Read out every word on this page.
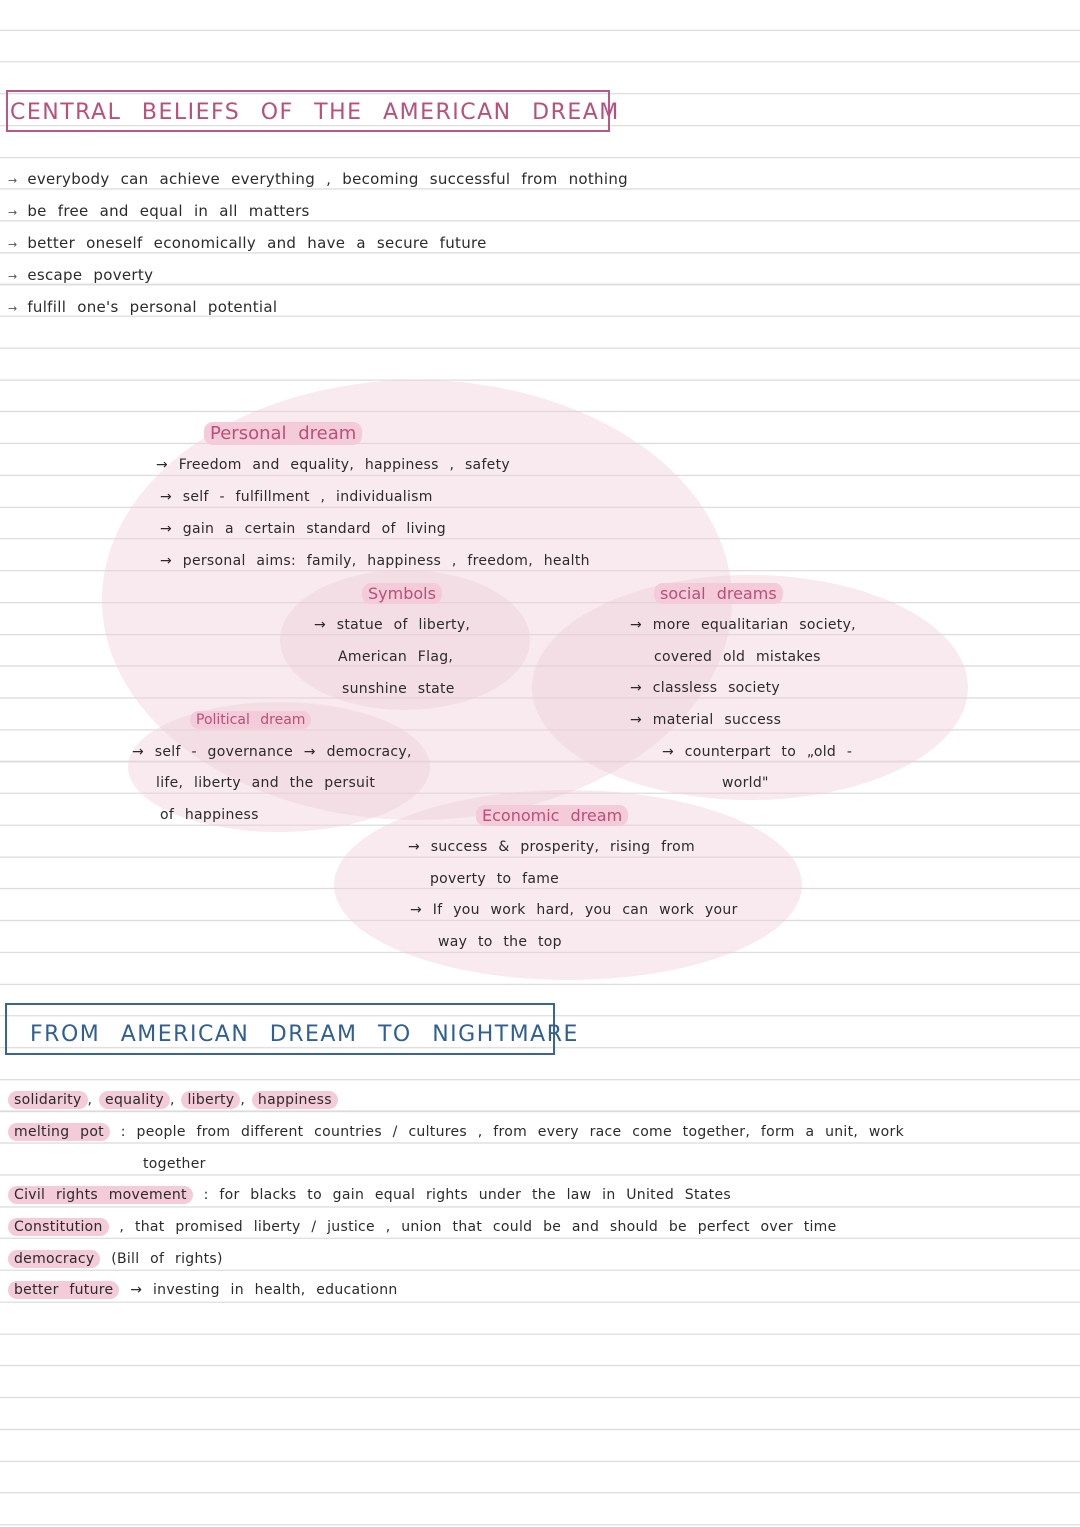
CENTRAL BELIEFS OF THE AMERICAN DREAM
→ everybody can achieve everything , becoming successful from nothing
→ be free and equal in all matters
→ better oneself economically and have a secure future
→ escape poverty
→ fulfill one's personal potential
Personal dream
→ Freedom and equality, happiness , safety
→ self - fulfillment , individualism
→ gain a certain standard of living
→ personal aims: family, happiness , freedom, health
Symbols
→ statue of liberty,
American Flag,
sunshine state
social dreams
→ more equalitarian society,
covered old mistakes
→ classless society
→ material success
→ counterpart to „old -
world"
Political dream
→ self - governance → democracy,
life, liberty and the persuit
of happiness	Economic dream
→ success & prosperity, rising from
poverty to fame
→ If you work hard, you can work your
way to the top
FROM AMERICAN DREAM TO NIGHTMARE
solidarity , equality , liberty , happiness
melting pot : people from different countries / cultures , from every race come together, form a unit, work
together
Civil rights movement : for blacks to gain equal rights under the law in United States
Constitution , that promised liberty / justice , union that could be and should be perfect over time
democracy (Bill of rights)
better future → investing in health, educationn
